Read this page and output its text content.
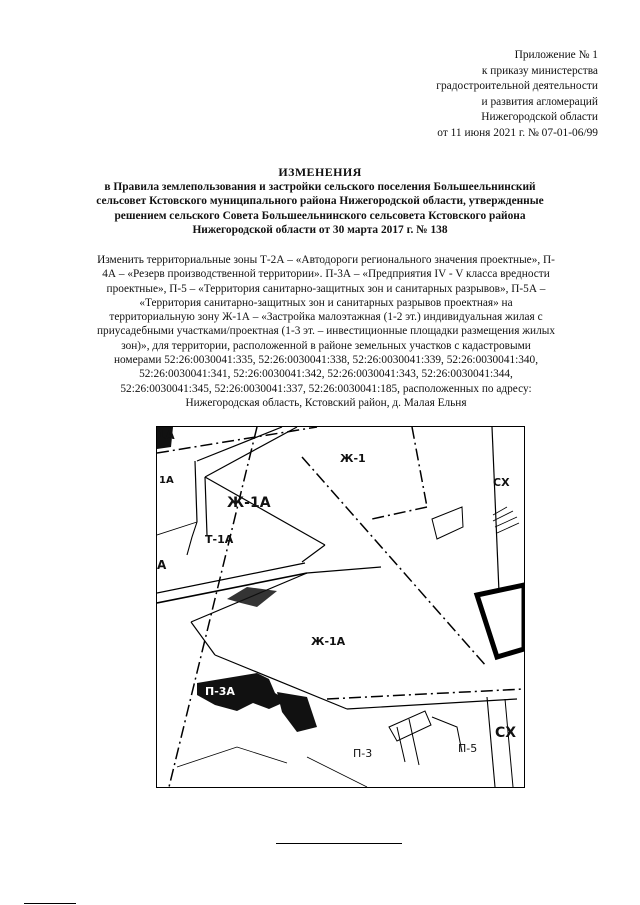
Приложение № 1
к приказу министерства
градостроительной деятельности
и развития агломераций
Нижегородской области
от 11 июня 2021 г. № 07-01-06/99
ИЗМЕНЕНИЯ
в Правила землепользования и застройки сельского поселения Большеельнинский
сельсовет Кстовского муниципального района Нижегородской области, утвержденные
решением сельского Совета Большеельнинского сельсовета Кстовского района
Нижегородской области от 30 марта 2017 г. № 138
Изменить территориальные зоны Т-2А – «Автодороги регионального значения проектные», П-
4А – «Резерв производственной территории». П-3А – «Предприятия IV - V класса вредности
проектные», П-5 – «Территория санитарно-защитных зон и санитарных разрывов», П-5А –
«Территория санитарно-защитных зон и санитарных разрывов проектная» на
территориальную зону Ж-1А – «Застройка малоэтажная (1-2 эт.) индивидуальная жилая с
приусадебными участками/проектная (1-3 эт. – инвестиционные площадки размещения жилых
зон)», для территории, расположенной в районе земельных участков с кадастровыми
номерами 52:26:0030041:335, 52:26:0030041:338, 52:26:0030041:339, 52:26:0030041:340,
52:26:0030041:341, 52:26:0030041:342, 52:26:0030041:343, 52:26:0030041:344,
52:26:0030041:345, 52:26:0030041:337, 52:26:0030041:185, расположенных по адресу:
Нижегородская область, Кстовский район, д. Малая Ельня
1А
1А
Т-1А
А
Ж-1
СХ
Ж-1А
Ж-1А
П-3А
П-3	П-5
СХ
